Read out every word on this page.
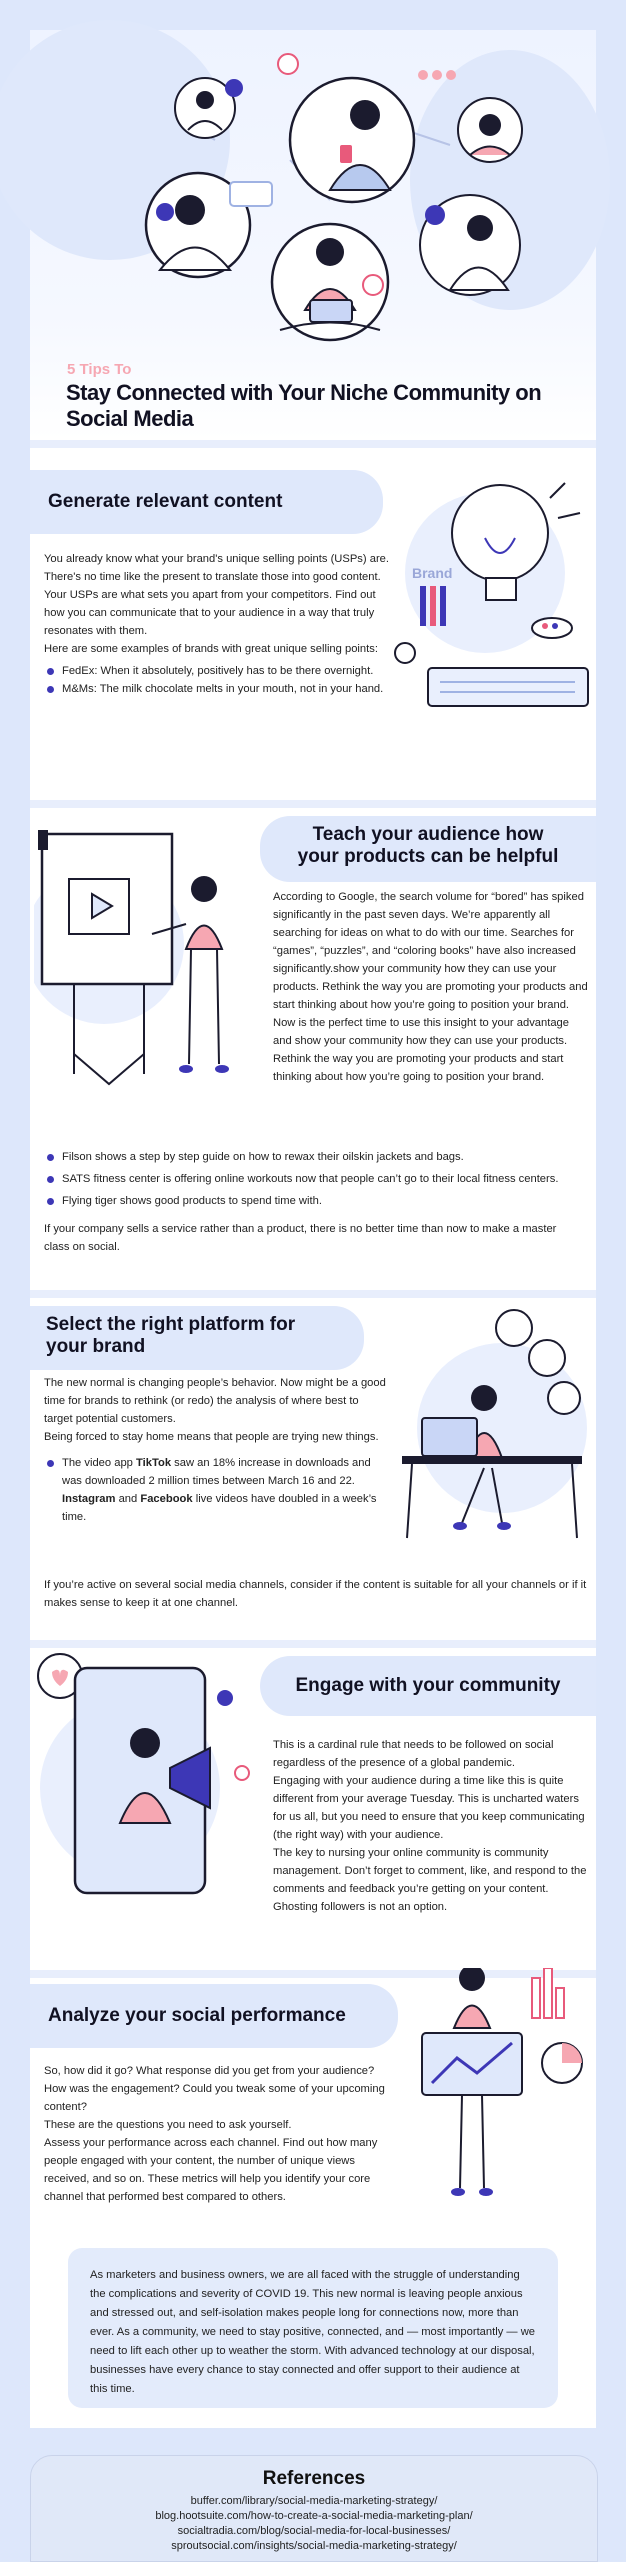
5 Tips To
Stay Connected with Your Niche Community on Social Media
Generate relevant content

You already know what your brand's unique selling points (USPs) are. There's no time like the present to translate those into good content. Your USPs are what sets you apart from your competitors. Find out how you can communicate that to your audience in a way that truly resonates with them.

Here are some examples of brands with great unique selling points:

FedEx: When it absolutely, positively has to be there overnight.
M&Ms: The milk chocolate melts in your mouth, not in your hand.
Brand
Teach your audience how
your products can be helpful

According to Google, the search volume for “bored” has spiked significantly in the past seven days. We’re apparently all searching for ideas on what to do with our time. Searches for “games”, “puzzles”, and “coloring books” have also increased significantly.show your community how they can use your products. Rethink the way you are promoting your products and start thinking about how you’re going to position your brand.

Now is the perfect time to use this insight to your advantage and show your community how they can use your products. Rethink the way you are promoting your products and start thinking about how you’re going to position your brand.

Filson shows a step by step guide on how to rewax their oilskin jackets and bags.
SATS fitness center is offering online workouts now that people can’t go to their local fitness centers.
Flying tiger shows good products to spend time with.
If your company sells a service rather than a product, there is no better time than now to make a master class on social.
Select the right platform for
your brand

The new normal is changing people’s behavior. Now might be a good time for brands to rethink (or redo) the analysis of where best to target potential customers.

Being forced to stay home means that people are trying new things.

The video app TikTok saw an 18% increase in downloads and was downloaded 2 million times between March 16 and 22. Instagram and Facebook live videos have doubled in a week’s time.
If you’re active on several social media channels, consider if the content is suitable for all your channels or if it makes sense to keep it at one channel.
Engage with your community

This is a cardinal rule that needs to be followed on social regardless of the presence of a global pandemic.

Engaging with your audience during a time like this is quite different from your average Tuesday. This is uncharted waters for us all, but you need to ensure that you keep communicating (the right way) with your audience.

The key to nursing your online community is community management. Don’t forget to comment, like, and respond to the comments and feedback you’re getting on your content. Ghosting followers is not an option.

Analyze your social performance

So, how did it go? What response did you get from your audience? How was the engagement? Could you tweak some of your upcoming content?

These are the questions you need to ask yourself.

Assess your performance across each channel. Find out how many people engaged with your content, the number of unique views received, and so on. These metrics will help you identify your core channel that performed best compared to others.

As marketers and business owners, we are all faced with the struggle of understanding the complications and severity of COVID 19. This new normal is leaving people anxious and stressed out, and self-isolation makes people long for connections now, more than ever. As a community, we need to stay positive, connected, and — most importantly — we need to lift each other up to weather the storm. With advanced technology at our disposal, businesses have every chance to stay connected and offer support to their audience at this time.

References
buffer.com/library/social-media-marketing-strategy/
blog.hootsuite.com/how-to-create-a-social-media-marketing-plan/
socialtradia.com/blog/social-media-for-local-businesses/
sproutsocial.com/insights/social-media-marketing-strategy/
